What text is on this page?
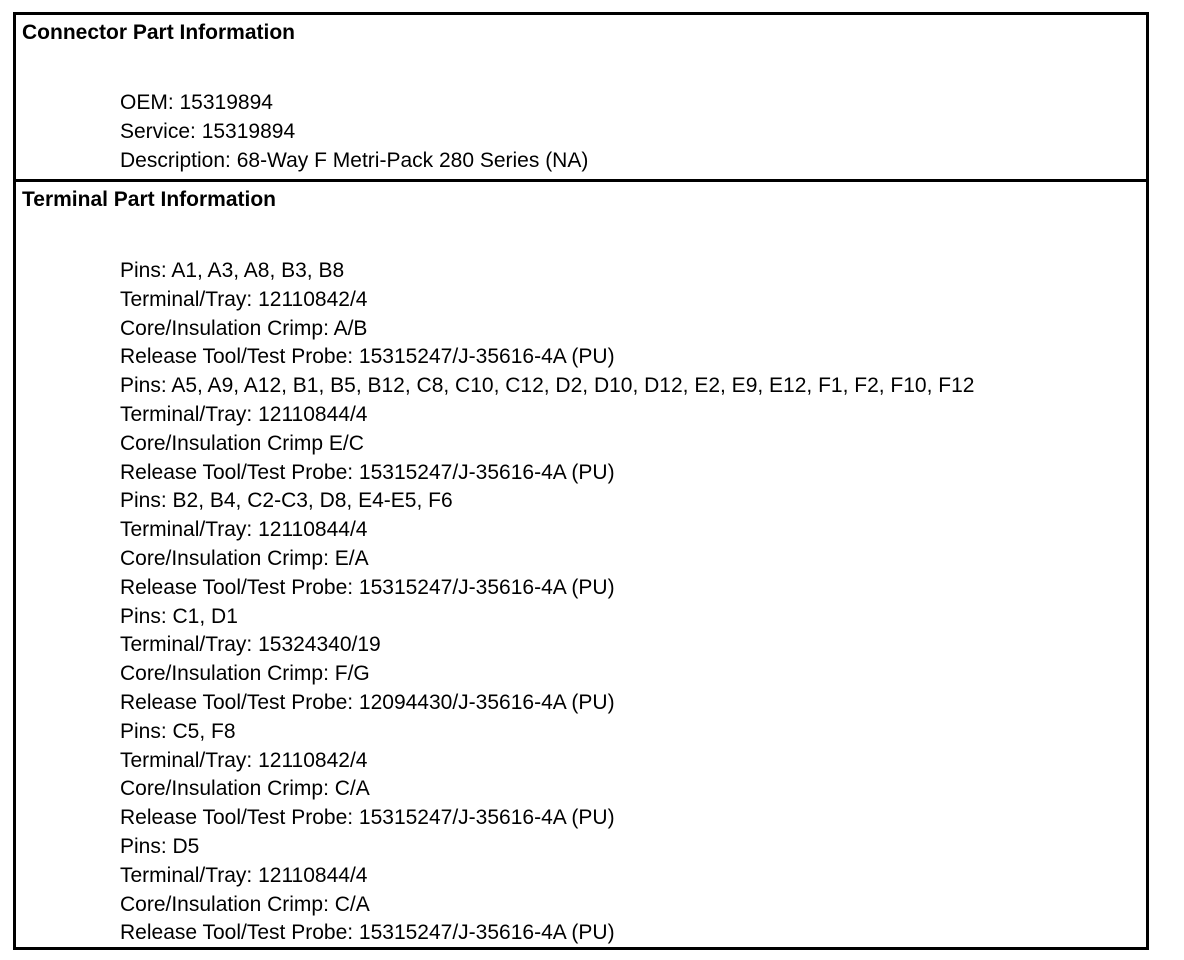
Connector Part Information
OEM: 15319894
Service: 15319894
Description: 68-Way F Metri-Pack 280 Series (NA)
Terminal Part Information
Pins: A1, A3, A8, B3, B8
Terminal/Tray: 12110842/4
Core/Insulation Crimp: A/B
Release Tool/Test Probe: 15315247/J-35616-4A (PU)
Pins: A5, A9, A12, B1, B5, B12, C8, C10, C12, D2, D10, D12, E2, E9, E12, F1, F2, F10, F12
Terminal/Tray: 12110844/4
Core/Insulation Crimp E/C
Release Tool/Test Probe: 15315247/J-35616-4A (PU)
Pins: B2, B4, C2-C3, D8, E4-E5, F6
Terminal/Tray: 12110844/4
Core/Insulation Crimp: E/A
Release Tool/Test Probe: 15315247/J-35616-4A (PU)
Pins: C1, D1
Terminal/Tray: 15324340/19
Core/Insulation Crimp: F/G
Release Tool/Test Probe: 12094430/J-35616-4A (PU)
Pins: C5, F8
Terminal/Tray: 12110842/4
Core/Insulation Crimp: C/A
Release Tool/Test Probe: 15315247/J-35616-4A (PU)
Pins: D5
Terminal/Tray: 12110844/4
Core/Insulation Crimp: C/A
Release Tool/Test Probe: 15315247/J-35616-4A (PU)
